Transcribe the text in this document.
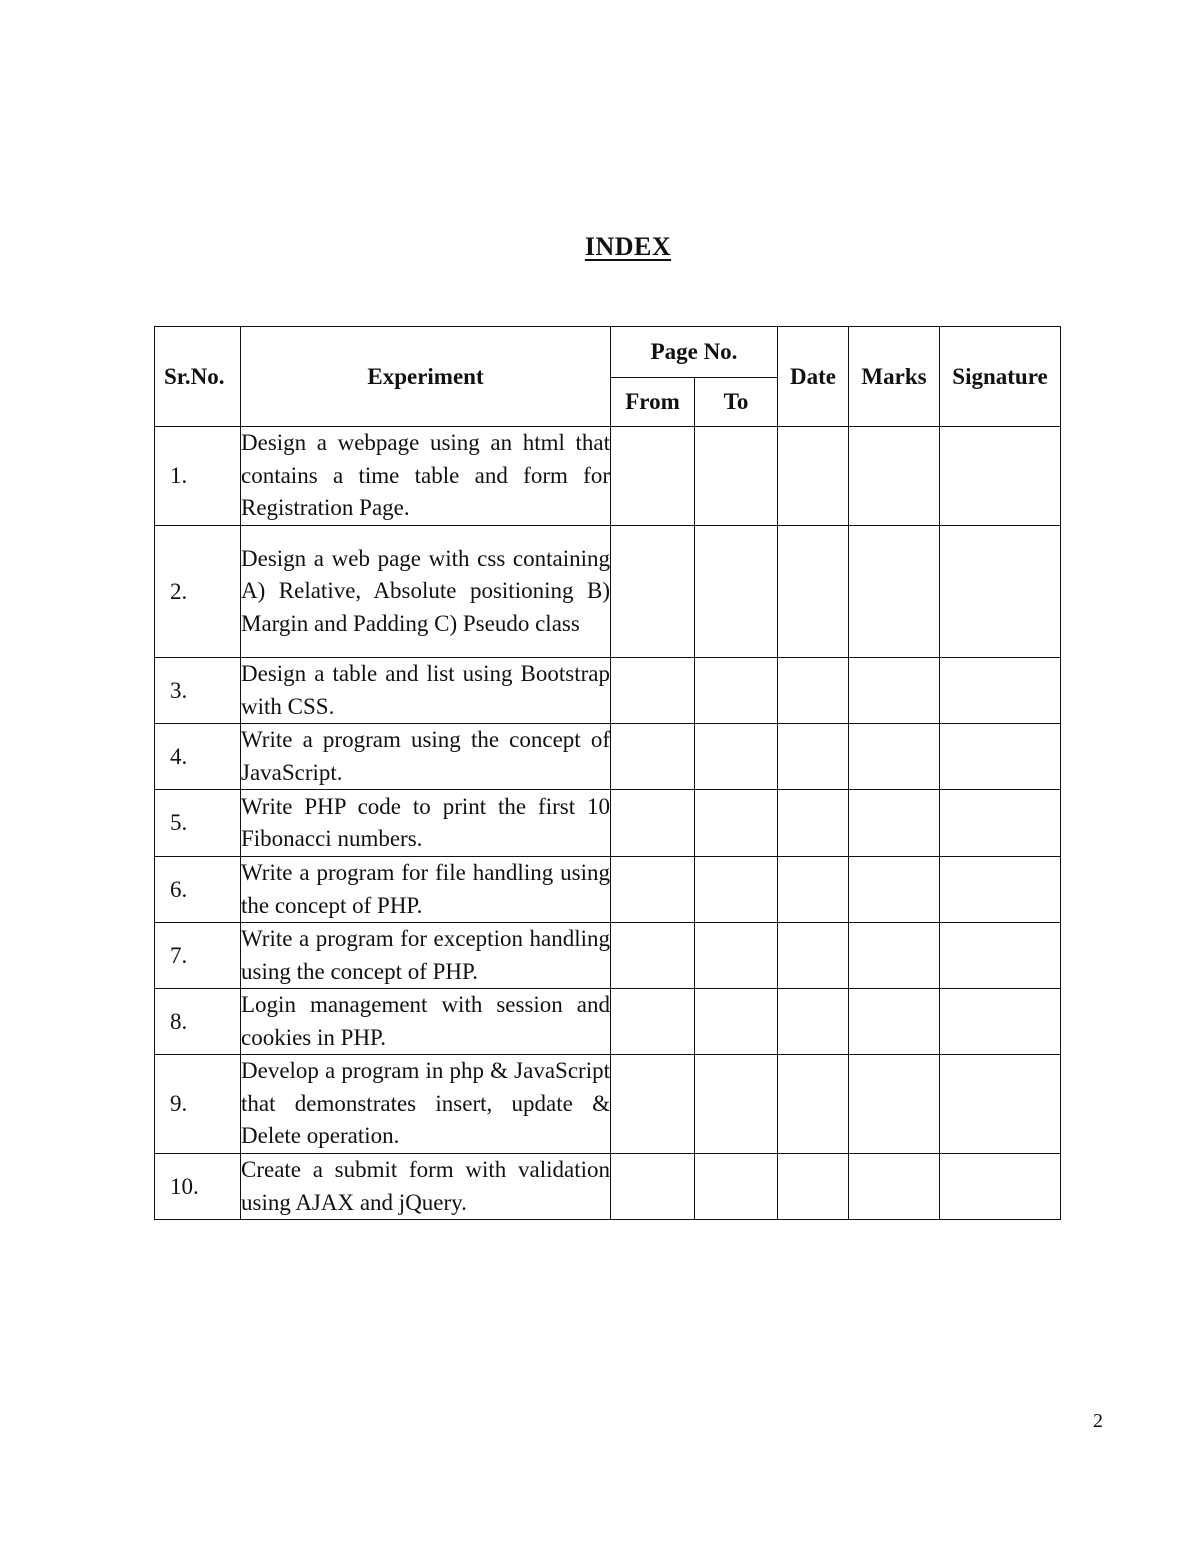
INDEX
Sr.No.	Experiment	Page No.		Date	Marks	Signature
		From	To			
1.	Design a webpage using an html that contains a time table and form for Registration Page.					
2.	Design a web page with css containing A) Relative, Absolute positioning B) Margin and Padding C) Pseudo class					
3.	Design a table and list using Bootstrap with CSS.					
4.	Write a program using the concept of JavaScript.					
5.	Write PHP code to print the first 10 Fibonacci numbers.					
6.	Write a program for file handling using the concept of PHP.					
7.	Write a program for exception handling using the concept of PHP.					
8.	Login management with session and cookies in PHP.					
9.	Develop a program in php & JavaScript that demonstrates insert, update & Delete operation.					
10.	Create a submit form with validation using AJAX and jQuery.					
2
